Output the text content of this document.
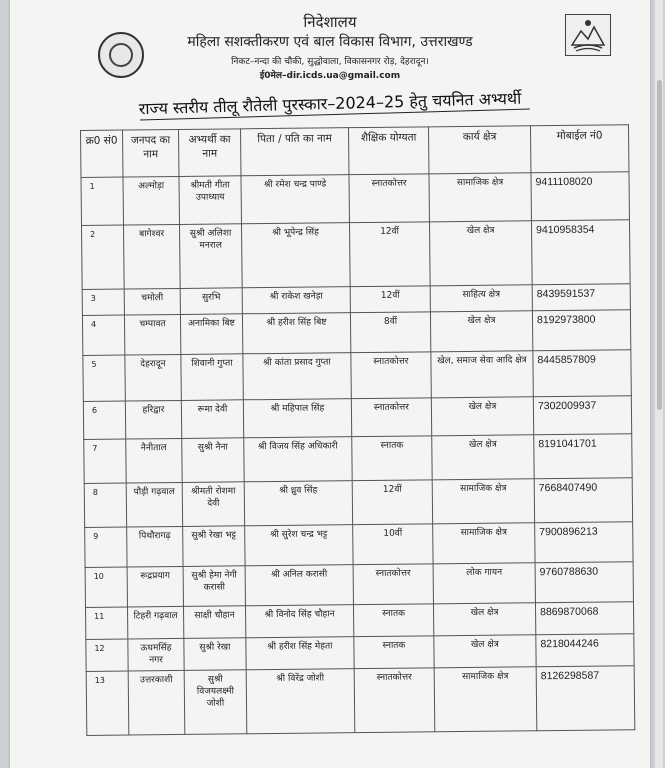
निदेशालय
महिला सशक्तीकरण एवं बाल विकास विभाग, उत्तराखण्ड
निकट–नन्दा की चौकी, सुद्धोवाला, विकासनगर रोड़, देहरादून।
ई0मेल–dir.icds.ua@gmail.com
राज्य स्तरीय तीलू रौतेली पुरस्कार–2024–25 हेतु चयनित अभ्यर्थी
क्र0 सं0	जनपद का नाम	अभ्यर्थी का नाम	पिता / पति का नाम	शैक्षिक योग्यता	कार्य क्षेत्र	मोबाईल नं0
1	अल्मोड़ा	श्रीमती गीता उपाध्याय	श्री रमेश चन्द्र पाण्डे	स्नातकोत्तर	सामाजिक क्षेत्र	9411108020
2	बागेश्वर	सुश्री अलिशा मनराल	श्री भूपेन्द्र सिंह	12वीं	खेल क्षेत्र	9410958354
3	चमोली	सुरभि	श्री राकेश खनेड़ा	12वीं	साहित्य क्षेत्र	8439591537
4	चम्पावत	अनामिका बिष्ट	श्री हरीश सिंह बिष्ट	8वीं	खेल क्षेत्र	8192973800
5	देहरादून	शिवानी गुप्ता	श्री कांता प्रसाद गुप्ता	स्नातकोत्तर	खेल, समाज सेवा आदि क्षेत्र	8445857809
6	हरिद्वार	रूमा देवी	श्री महिपाल सिंह	स्नातकोत्तर	खेल क्षेत्र	7302009937
7	नैनीताल	सुश्री नैना	श्री विजय सिंह अधिकारी	स्नातक	खेल क्षेत्र	8191041701
8	पौड़ी गढ़वाल	श्रीमती रोशमा देवी	श्री ध्रुव सिंह	12वीं	सामाजिक क्षेत्र	7668407490
9	पिथौरागढ़	सुश्री रेखा भट्ट	श्री सुरेश चन्द्र भट्ट	10वीं	सामाजिक क्षेत्र	7900896213
10	रूद्रप्रयाग	सुश्री हेमा नेगी करासी	श्री अनिल करासी	स्नातकोत्तर	लोक गायन	9760788630
11	टिहरी गढ़वाल	साक्षी चौहान	श्री विनोद सिंह चौहान	स्नातक	खेल क्षेत्र	8869870068
12	ऊधमसिंह नगर	सुश्री रेखा	श्री हरीश सिंह मेहता	स्नातक	खेल क्षेत्र	8218044246
13	उत्तरकाशी	सुश्री विजयलक्ष्मी जोशी	श्री विरेंद्र जोशी	स्नातकोत्तर	सामाजिक क्षेत्र	8126298587
